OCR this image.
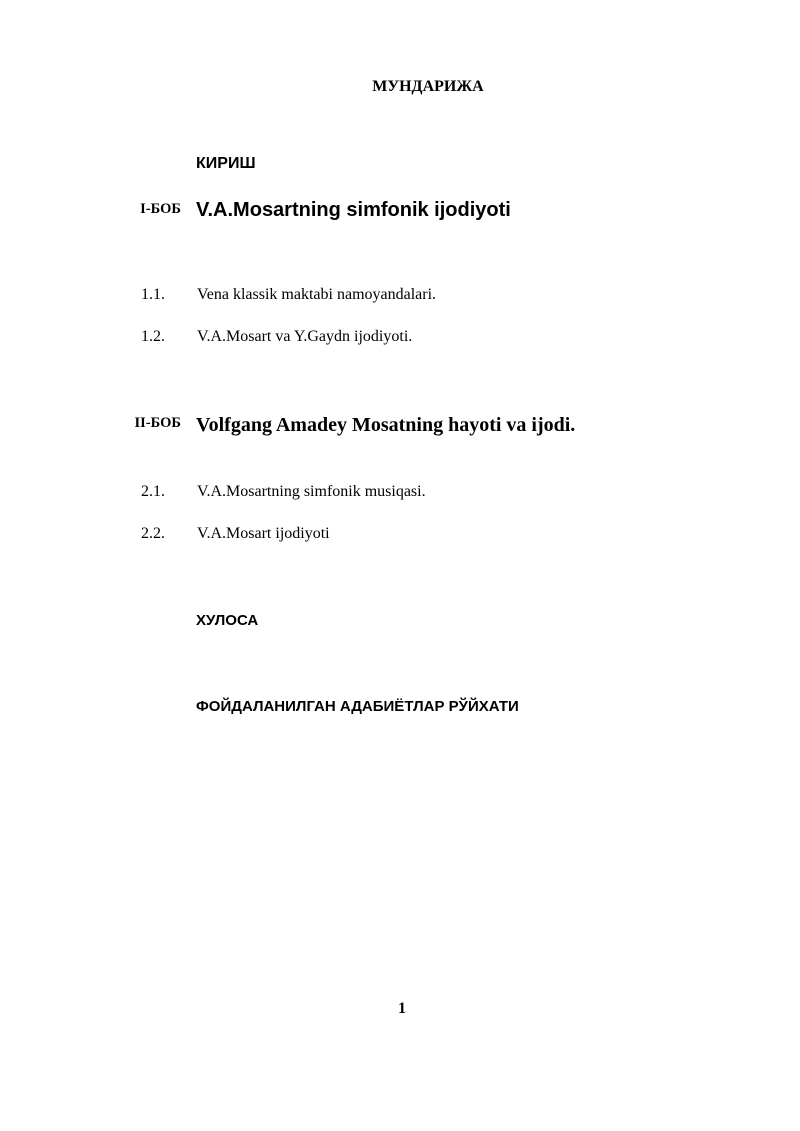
МУНДАРИЖА
КИРИШ
I-БОБ V.A.Mosartning simfonik ijodiyoti
1.1. Vena klassik maktabi namoyandalari.
1.2. V.A.Mosart va Y.Gaydn ijodiyoti.
II-БОБ Volfgang Amadey Mosatning hayoti va ijodi.
2.1. V.A.Mosartning simfonik musiqasi.
2.2. V.A.Mosart ijodiyoti
ХУЛОСА
ФОЙДАЛАНИЛГАН АДАБИЁТЛАР РЎЙХАТИ
1
